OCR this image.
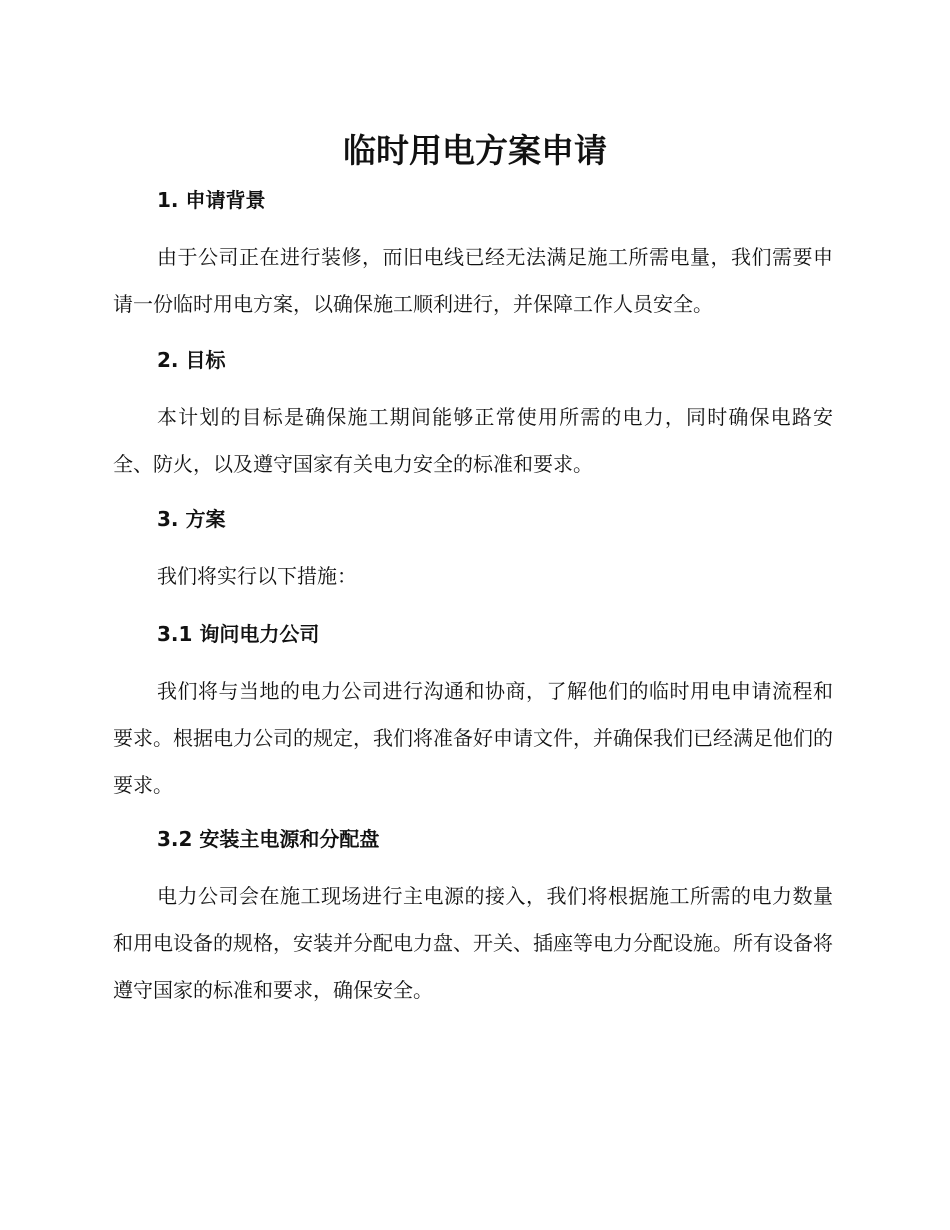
临时用电方案申请
1. 申请背景
由于公司正在进行装修，而旧电线已经无法满足施工所需电量，我们需要申请一份临时用电方案，以确保施工顺利进行，并保障工作人员安全。
2. 目标
本计划的目标是确保施工期间能够正常使用所需的电力，同时确保电路安全、防火，以及遵守国家有关电力安全的标准和要求。
3. 方案
我们将实行以下措施：
3.1 询问电力公司
我们将与当地的电力公司进行沟通和协商，了解他们的临时用电申请流程和要求。根据电力公司的规定，我们将准备好申请文件，并确保我们已经满足他们的要求。
3.2 安装主电源和分配盘
电力公司会在施工现场进行主电源的接入，我们将根据施工所需的电力数量和用电设备的规格，安装并分配电力盘、开关、插座等电力分配设施。所有设备将遵守国家的标准和要求，确保安全。
